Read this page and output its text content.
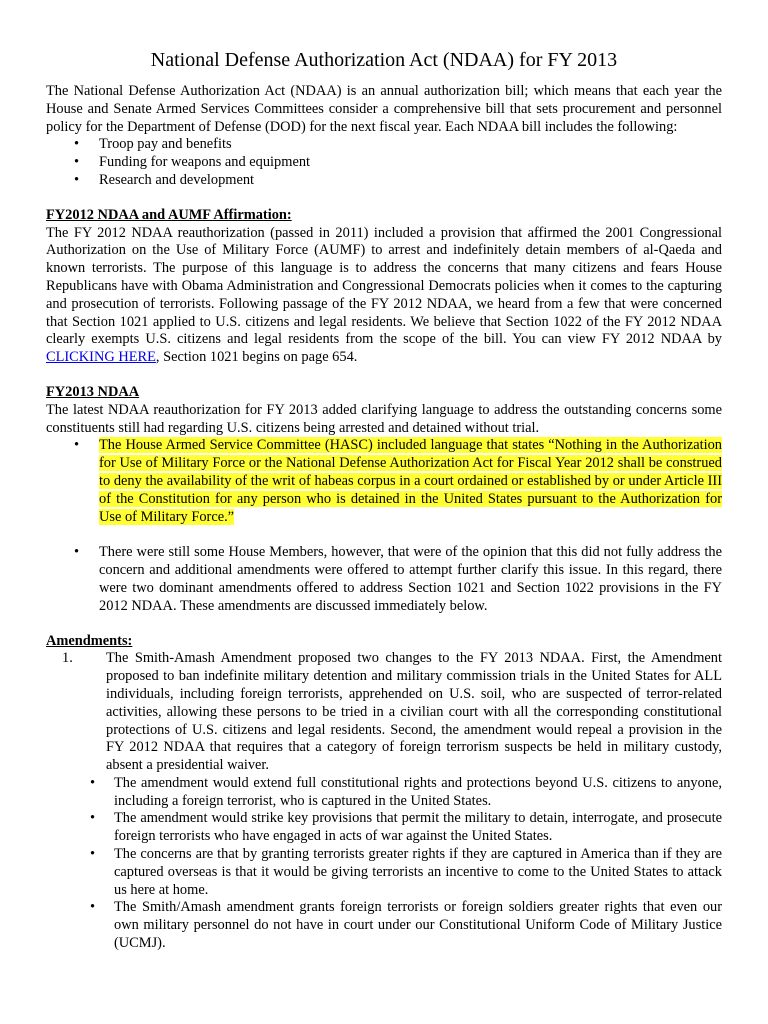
National Defense Authorization Act (NDAA) for FY 2013

The National Defense Authorization Act (NDAA) is an annual authorization bill; which means that each year the House and Senate Armed Services Committees consider a comprehensive bill that sets procurement and personnel policy for the Department of Defense (DOD) for the next fiscal year. Each NDAA bill includes the following:

• Troop pay and benefits
• Funding for weapons and equipment
• Research and development
FY2012 NDAA and AUMF Affirmation:

The FY 2012 NDAA reauthorization (passed in 2011) included a provision that affirmed the 2001 Congressional Authorization on the Use of Military Force (AUMF) to arrest and indefinitely detain members of al-Qaeda and known terrorists. The purpose of this language is to address the concerns that many citizens and fears House Republicans have with Obama Administration and Congressional Democrats policies when it comes to the capturing and prosecution of terrorists. Following passage of the FY 2012 NDAA, we heard from a few that were concerned that Section 1021 applied to U.S. citizens and legal residents. We believe that Section 1022 of the FY 2012 NDAA clearly exempts U.S. citizens and legal residents from the scope of the bill. You can view FY 2012 NDAA by CLICKING HERE, Section 1021 begins on page 654.

FY2013 NDAA

The latest NDAA reauthorization for FY 2013 added clarifying language to address the outstanding concerns some constituents still had regarding U.S. citizens being arrested and detained without trial.

• The House Armed Service Committee (HASC) included language that states “Nothing in the Authorization for Use of Military Force or the National Defense Authorization Act for Fiscal Year 2012 shall be construed to deny the availability of the writ of habeas corpus in a court ordained or established by or under Article III of the Constitution for any person who is detained in the United States pursuant to the Authorization for Use of Military Force.”
• There were still some House Members, however, that were of the opinion that this did not fully address the concern and additional amendments were offered to attempt further clarify this issue. In this regard, there were two dominant amendments offered to address Section 1021 and Section 1022 provisions in the FY 2012 NDAA. These amendments are discussed immediately below.
Amendments:
1. The Smith-Amash Amendment proposed two changes to the FY 2013 NDAA. First, the Amendment proposed to ban indefinite military detention and military commission trials in the United States for ALL individuals, including foreign terrorists, apprehended on U.S. soil, who are suspected of terror-related activities, allowing these persons to be tried in a civilian court with all the corresponding constitutional protections of U.S. citizens and legal residents. Second, the amendment would repeal a provision in the FY 2012 NDAA that requires that a category of foreign terrorism suspects be held in military custody, absent a presidential waiver.
• The amendment would extend full constitutional rights and protections beyond U.S. citizens to anyone, including a foreign terrorist, who is captured in the United States.
• The amendment would strike key provisions that permit the military to detain, interrogate, and prosecute foreign terrorists who have engaged in acts of war against the United States.
• The concerns are that by granting terrorists greater rights if they are captured in America than if they are captured overseas is that it would be giving terrorists an incentive to come to the United States to attack us here at home.
• The Smith/Amash amendment grants foreign terrorists or foreign soldiers greater rights that even our own military personnel do not have in court under our Constitutional Uniform Code of Military Justice (UCMJ).
